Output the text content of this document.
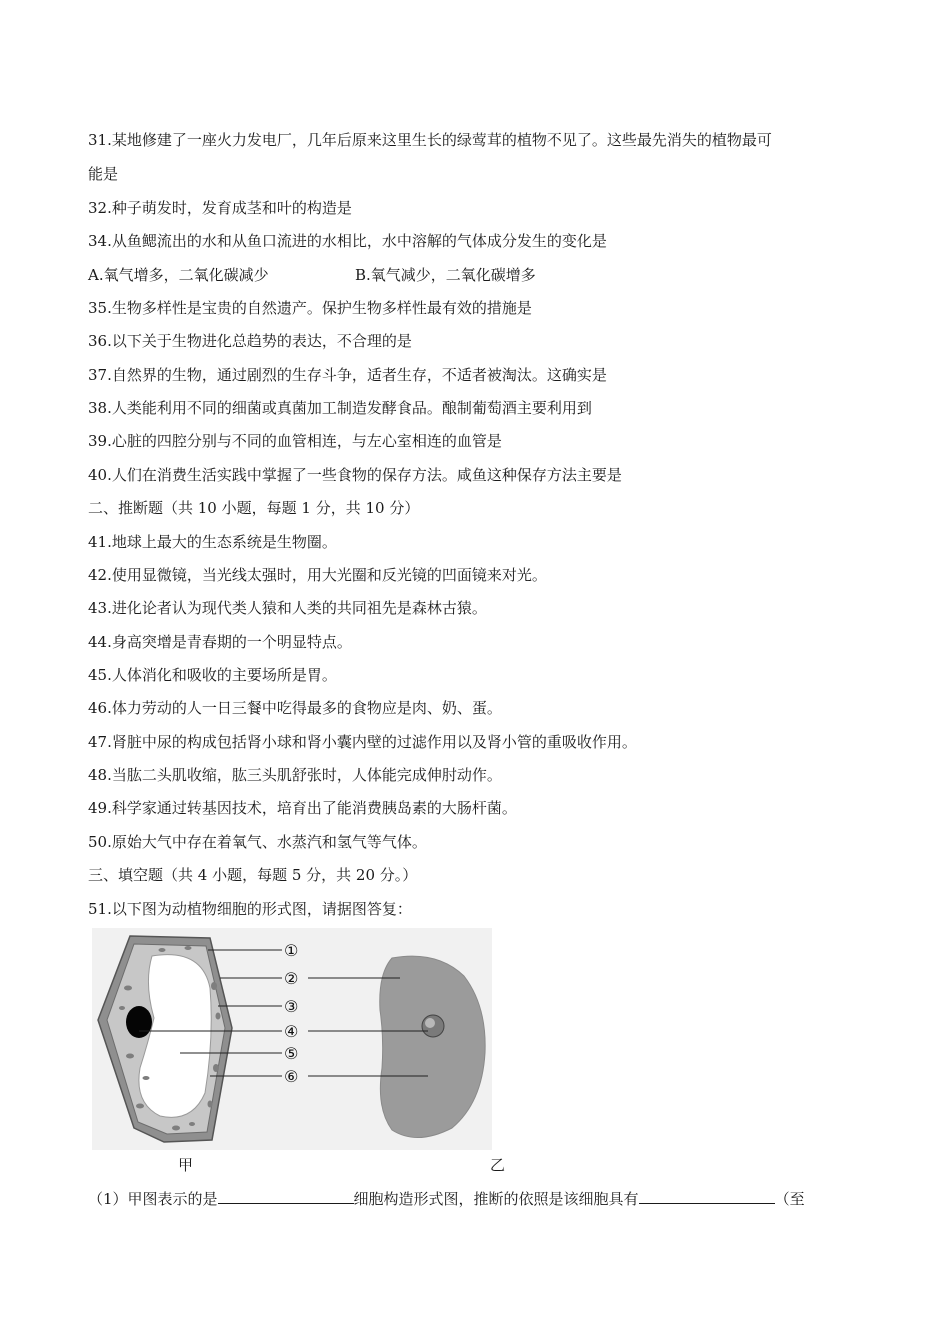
31.某地修建了一座火力发电厂，几年后原来这里生长的绿莺茸的植物不见了。这些最先消失的植物最可
能是
32.种子萌发时，发育成茎和叶的构造是
34.从鱼鳃流出的水和从鱼口流进的水相比，水中溶解的气体成分发生的变化是
A.氧气增多，二氧化碳减少	B.氧气减少，二氧化碳增多
35.生物多样性是宝贵的自然遗产。保护生物多样性最有效的措施是
36.以下关于生物进化总趋势的表达，不合理的是
37.自然界的生物，通过剧烈的生存斗争，适者生存，不适者被淘汰。这确实是
38.人类能利用不同的细菌或真菌加工制造发酵食品。酿制葡萄酒主要利用到
39.心脏的四腔分别与不同的血管相连，与左心室相连的血管是
40.人们在消费生活实践中掌握了一些食物的保存方法。咸鱼这种保存方法主要是
二、推断题（共 10 小题，每题 1 分，共 10 分）
41.地球上最大的生态系统是生物圈。
42.使用显微镜，当光线太强时，用大光圈和反光镜的凹面镜来对光。
43.进化论者认为现代类人猿和人类的共同祖先是森林古猿。
44.身高突增是青春期的一个明显特点。
45.人体消化和吸收的主要场所是胃。
46.体力劳动的人一日三餐中吃得最多的食物应是肉、奶、蛋。
47.肾脏中尿的构成包括肾小球和肾小囊内壁的过滤作用以及肾小管的重吸收作用。
48.当肱二头肌收缩，肱三头肌舒张时，人体能完成伸肘动作。
49.科学家通过转基因技术，培育出了能消费胰岛素的大肠杆菌。
50.原始大气中存在着氧气、水蒸汽和氢气等气体。
三、填空题（共 4 小题，每题 5 分，共 20 分。）
51.以下图为动植物细胞的形式图，请据图答复：
①
②
③
④
⑤
⑥
甲	乙
（1）甲图表示的是	细胞构造形式图，推断的依照是该细胞具有	（至
